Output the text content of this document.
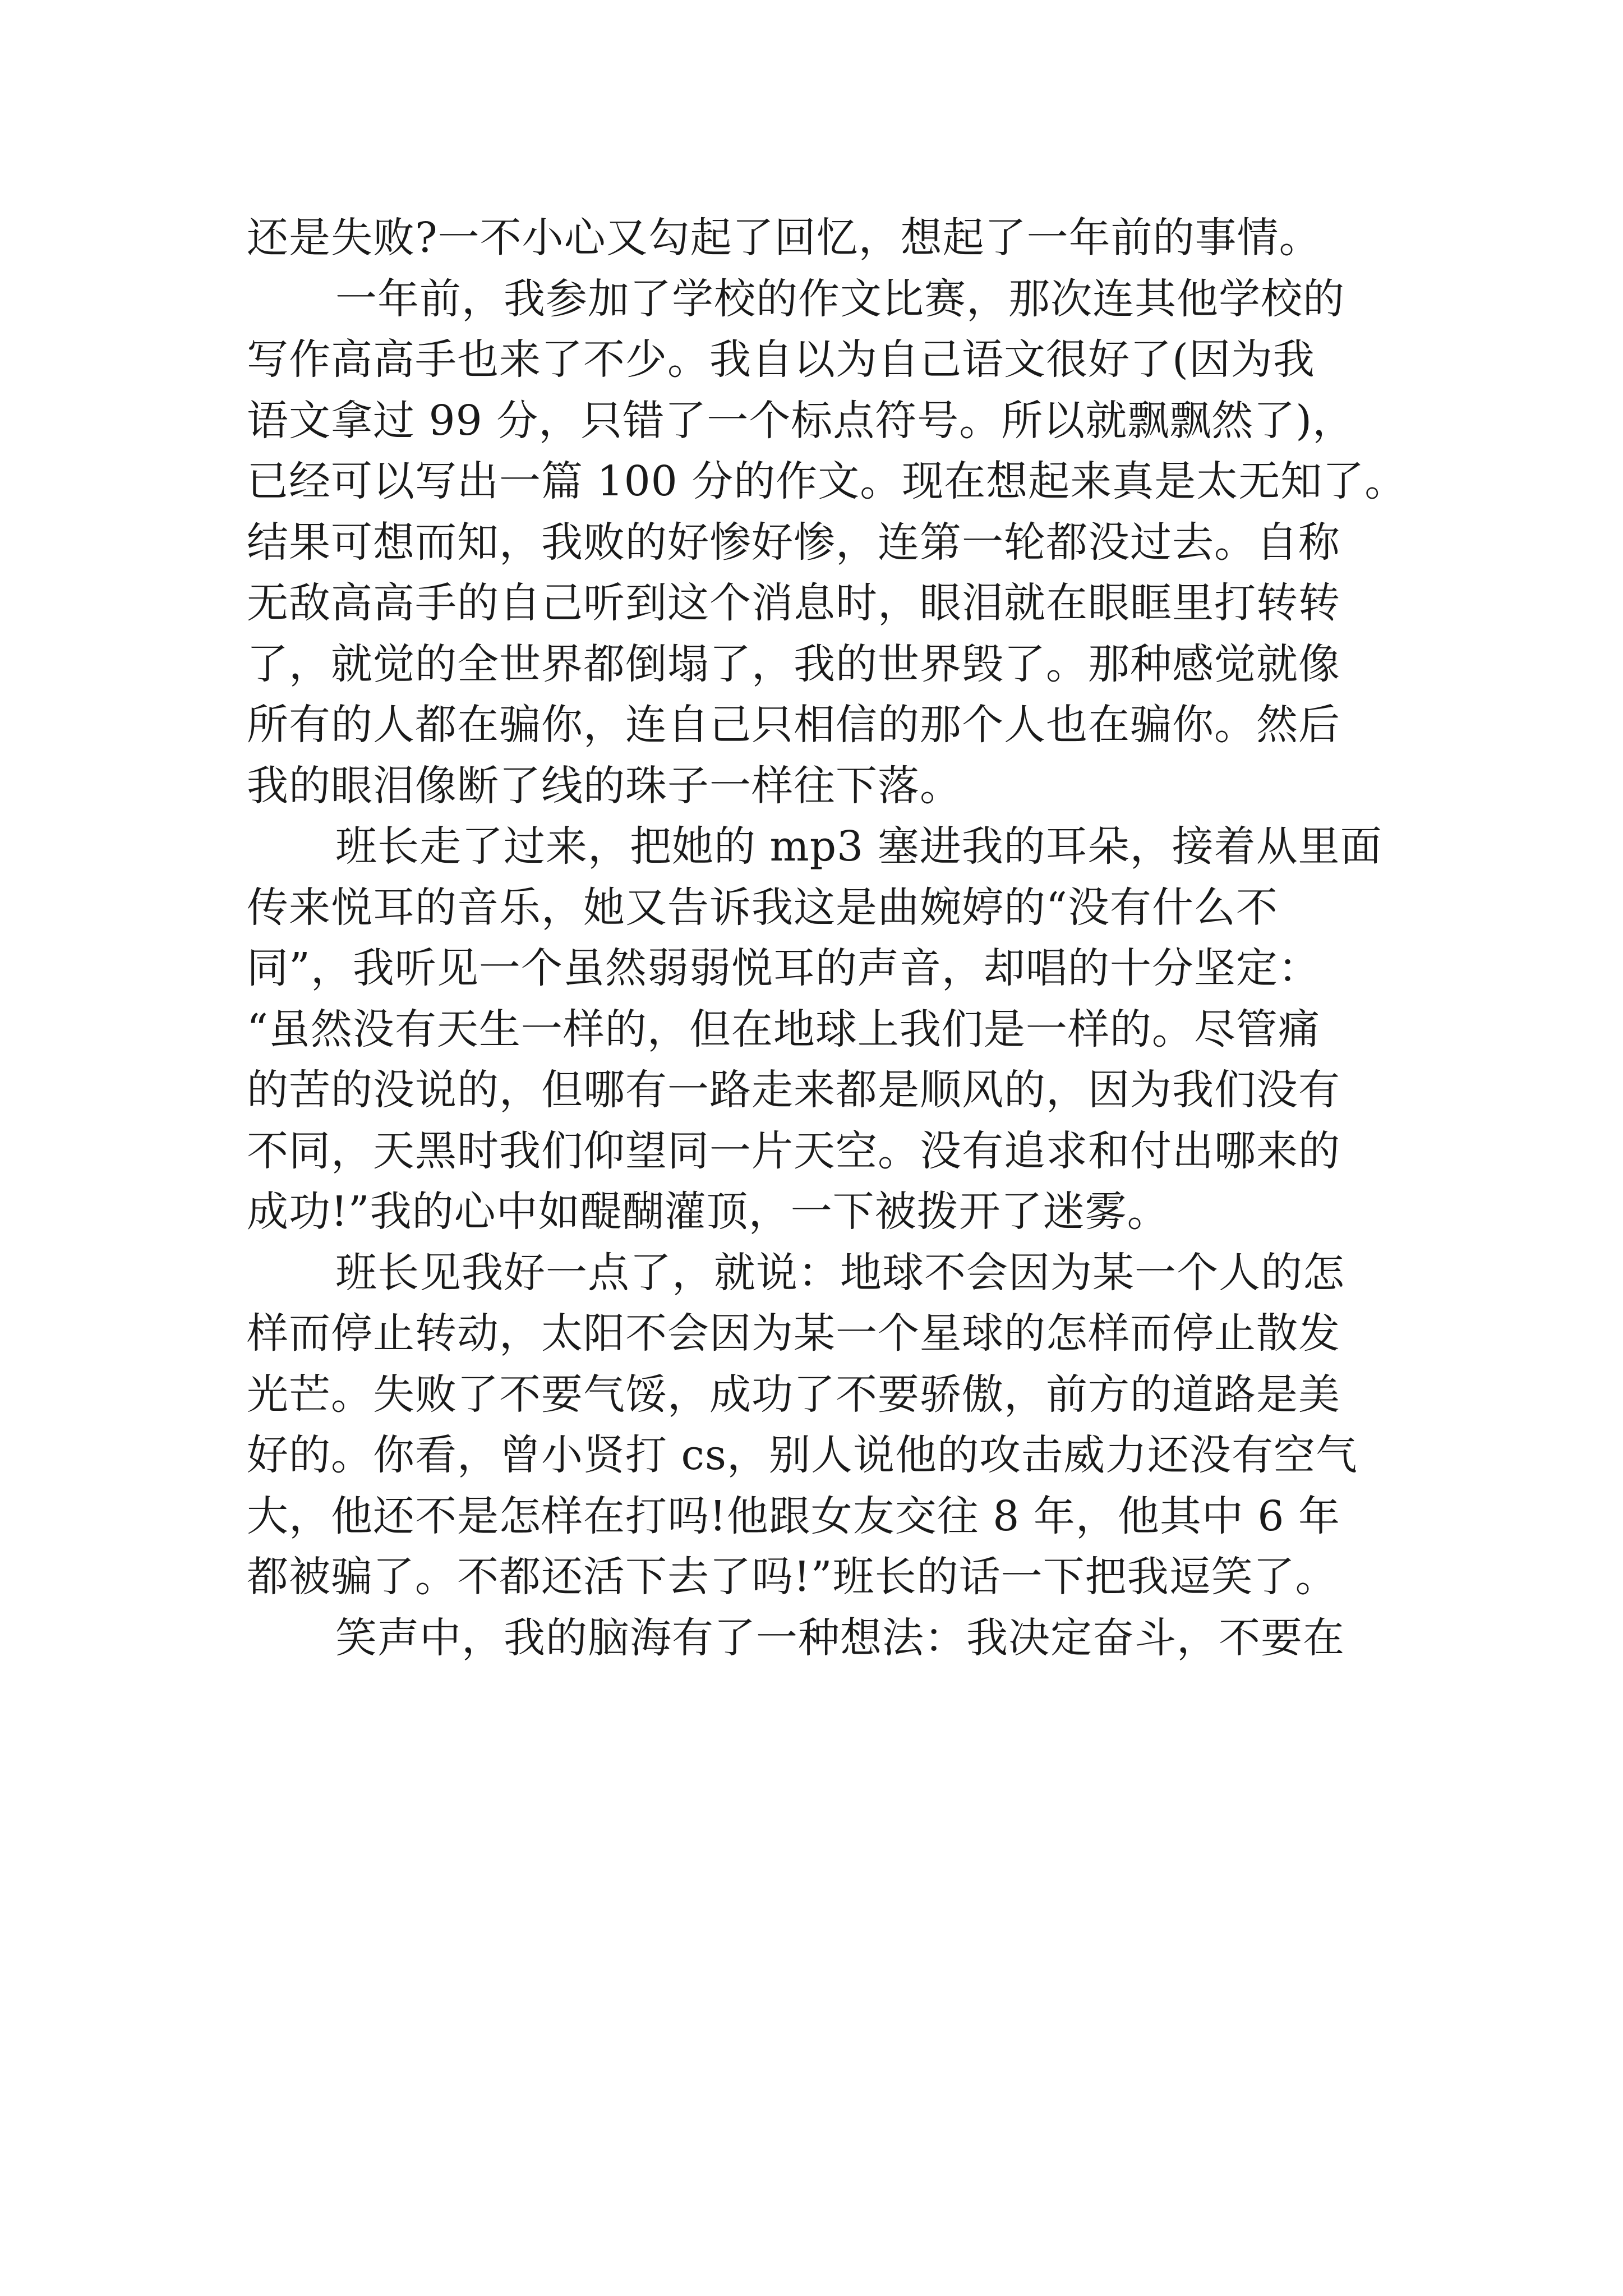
还是失败?一不小心又勾起了回忆，想起了一年前的事情。
一年前，我参加了学校的作文比赛，那次连其他学校的
写作高高手也来了不少。我自以为自己语文很好了(因为我
语文拿过 99 分，只错了一个标点符号。所以就飘飘然了)，
已经可以写出一篇 100 分的作文。现在想起来真是太无知了。
结果可想而知，我败的好惨好惨，连第一轮都没过去。自称
无敌高高手的自己听到这个消息时，眼泪就在眼眶里打转转
了，就觉的全世界都倒塌了，我的世界毁了。那种感觉就像
所有的人都在骗你，连自己只相信的那个人也在骗你。然后
我的眼泪像断了线的珠子一样往下落。
班长走了过来，把她的 mp3 塞进我的耳朵，接着从里面
传来悦耳的音乐，她又告诉我这是曲婉婷的“没有什么不
同”，我听见一个虽然弱弱悦耳的声音，却唱的十分坚定：
“虽然没有天生一样的，但在地球上我们是一样的。尽管痛
的苦的没说的，但哪有一路走来都是顺风的，因为我们没有
不同，天黑时我们仰望同一片天空。没有追求和付出哪来的
成功!”我的心中如醍醐灌顶，一下被拨开了迷雾。
班长见我好一点了，就说：地球不会因为某一个人的怎
样而停止转动，太阳不会因为某一个星球的怎样而停止散发
光芒。失败了不要气馁，成功了不要骄傲，前方的道路是美
好的。你看，曾小贤打 cs，别人说他的攻击威力还没有空气
大，他还不是怎样在打吗!他跟女友交往 8 年，他其中 6 年
都被骗了。不都还活下去了吗!”班长的话一下把我逗笑了。
笑声中，我的脑海有了一种想法：我决定奋斗，不要在
